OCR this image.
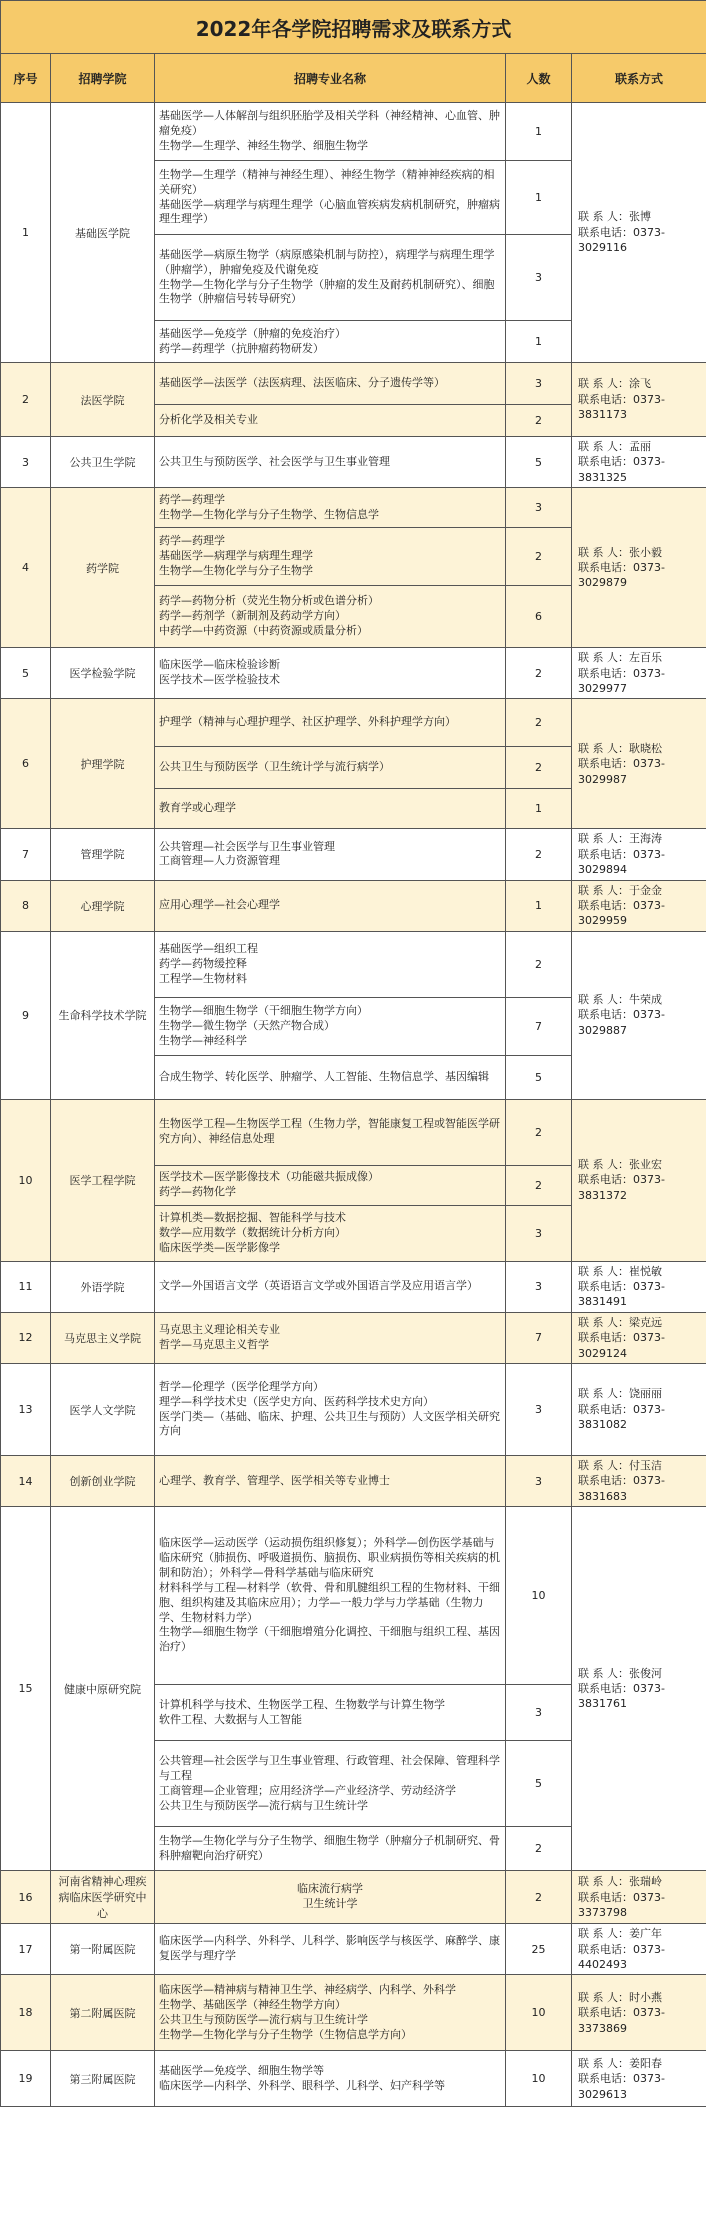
2022年各学院招聘需求及联系方式				
序号	招聘学院	招聘专业名称	人数	联系方式
1	基础医学院	基础医学—人体解剖与组织胚胎学及相关学科（神经精神、心血管、肿瘤免疫）
生物学—生理学、神经生物学、细胞生物学	1	联 系 人：张博
联系电话：0373-3029116
		生物学—生理学（精神与神经生理）、神经生物学（精神神经疾病的相关研究）
基础医学—病理学与病理生理学（心脑血管疾病发病机制研究，肿瘤病理生理学）	1	
		基础医学—病原生物学（病原感染机制与防控），病理学与病理生理学（肿瘤学），肿瘤免疫及代谢免疫
生物学—生物化学与分子生物学（肿瘤的发生及耐药机制研究）、细胞生物学（肿瘤信号转导研究）	3	
		基础医学—免疫学（肿瘤的免疫治疗）
药学—药理学（抗肿瘤药物研发）	1	
2	法医学院	基础医学—法医学（法医病理、法医临床、分子遗传学等）	3	联 系 人：涂飞
联系电话：0373-3831173
		分析化学及相关专业	2	
3	公共卫生学院	公共卫生与预防医学、社会医学与卫生事业管理	5	联 系 人：孟丽
联系电话：0373-3831325
4	药学院	药学—药理学
生物学—生物化学与分子生物学、生物信息学	3	联 系 人：张小毅
联系电话：0373-3029879
		药学—药理学
基础医学—病理学与病理生理学
生物学—生物化学与分子生物学	2	
		药学—药物分析（荧光生物分析或色谱分析）
药学—药剂学（新制剂及药动学方向）
中药学—中药资源（中药资源或质量分析）	6	
5	医学检验学院	临床医学—临床检验诊断
医学技术—医学检验技术	2	联 系 人：左百乐
联系电话：0373-3029977
6	护理学院	护理学（精神与心理护理学、社区护理学、外科护理学方向）	2	联 系 人：耿晓松
联系电话：0373-3029987
		公共卫生与预防医学（卫生统计学与流行病学）	2	
		教育学或心理学	1	
7	管理学院	公共管理—社会医学与卫生事业管理
工商管理—人力资源管理	2	联 系 人：王海涛
联系电话：0373-3029894
8	心理学院	应用心理学—社会心理学	1	联 系 人：于金金
联系电话：0373-3029959
9	生命科学技术学院	基础医学—组织工程
药学—药物缓控释
工程学—生物材料	2	联 系 人：牛荣成
联系电话：0373-3029887
		生物学—细胞生物学（干细胞生物学方向）
生物学—微生物学（天然产物合成）
生物学—神经科学	7	
		合成生物学、转化医学、肿瘤学、人工智能、生物信息学、基因编辑	5	
10	医学工程学院	生物医学工程—生物医学工程（生物力学，智能康复工程或智能医学研究方向）、神经信息处理	2	联 系 人：张业宏
联系电话：0373-3831372
		医学技术—医学影像技术（功能磁共振成像）
药学—药物化学	2	
		计算机类—数据挖掘、智能科学与技术
数学—应用数学（数据统计分析方向）
临床医学类—医学影像学	3	
11	外语学院	文学—外国语言文学（英语语言文学或外国语言学及应用语言学）	3	联 系 人：崔悦敏
联系电话：0373-3831491
12	马克思主义学院	马克思主义理论相关专业
哲学—马克思主义哲学	7	联 系 人：梁克远
联系电话：0373-3029124
13	医学人文学院	哲学—伦理学（医学伦理学方向）
理学—科学技术史（医学史方向、医药科学技术史方向）
医学门类—（基础、临床、护理、公共卫生与预防）人文医学相关研究方向	3	联 系 人：饶丽丽
联系电话：0373-3831082
14	创新创业学院	心理学、教育学、管理学、医学相关等专业博士	3	联 系 人：付玉洁
联系电话：0373-3831683
15	健康中原研究院	临床医学—运动医学（运动损伤组织修复）；外科学—创伤医学基础与临床研究（肺损伤、呼吸道损伤、脑损伤、职业病损伤等相关疾病的机制和防治）；外科学—骨科学基础与临床研究
材料科学与工程—材料学（软骨、骨和肌腱组织工程的生物材料、干细胞、组织构建及其临床应用）；力学—一般力学与力学基础（生物力学、生物材料力学）
生物学—细胞生物学（干细胞增殖分化调控、干细胞与组织工程、基因治疗）	10	联 系 人：张俊河
联系电话：0373-3831761
		计算机科学与技术、生物医学工程、生物数学与计算生物学
软件工程、大数据与人工智能	3	
		公共管理—社会医学与卫生事业管理、行政管理、社会保障、管理科学与工程
工商管理—企业管理；应用经济学—产业经济学、劳动经济学
公共卫生与预防医学—流行病与卫生统计学	5	
		生物学—生物化学与分子生物学、细胞生物学（肿瘤分子机制研究、骨科肿瘤靶向治疗研究）	2	
16	河南省精神心理疾病临床医学研究中心	临床流行病学
卫生统计学	2	联 系 人：张瑞岭
联系电话：0373-3373798
17	第一附属医院	临床医学—内科学、外科学、儿科学、影响医学与核医学、麻醉学、康复医学与理疗学	25	联 系 人：姜广年
联系电话：0373-4402493
18	第二附属医院	临床医学—精神病与精神卫生学、神经病学、内科学、外科学
生物学、基础医学（神经生物学方向）
公共卫生与预防医学—流行病与卫生统计学
生物学—生物化学与分子生物学（生物信息学方向）	10	联 系 人：时小燕
联系电话：0373-3373869
19	第三附属医院	基础医学—免疫学、细胞生物学等
临床医学—内科学、外科学、眼科学、儿科学、妇产科学等	10	联 系 人：姜阳春
联系电话：0373-3029613
